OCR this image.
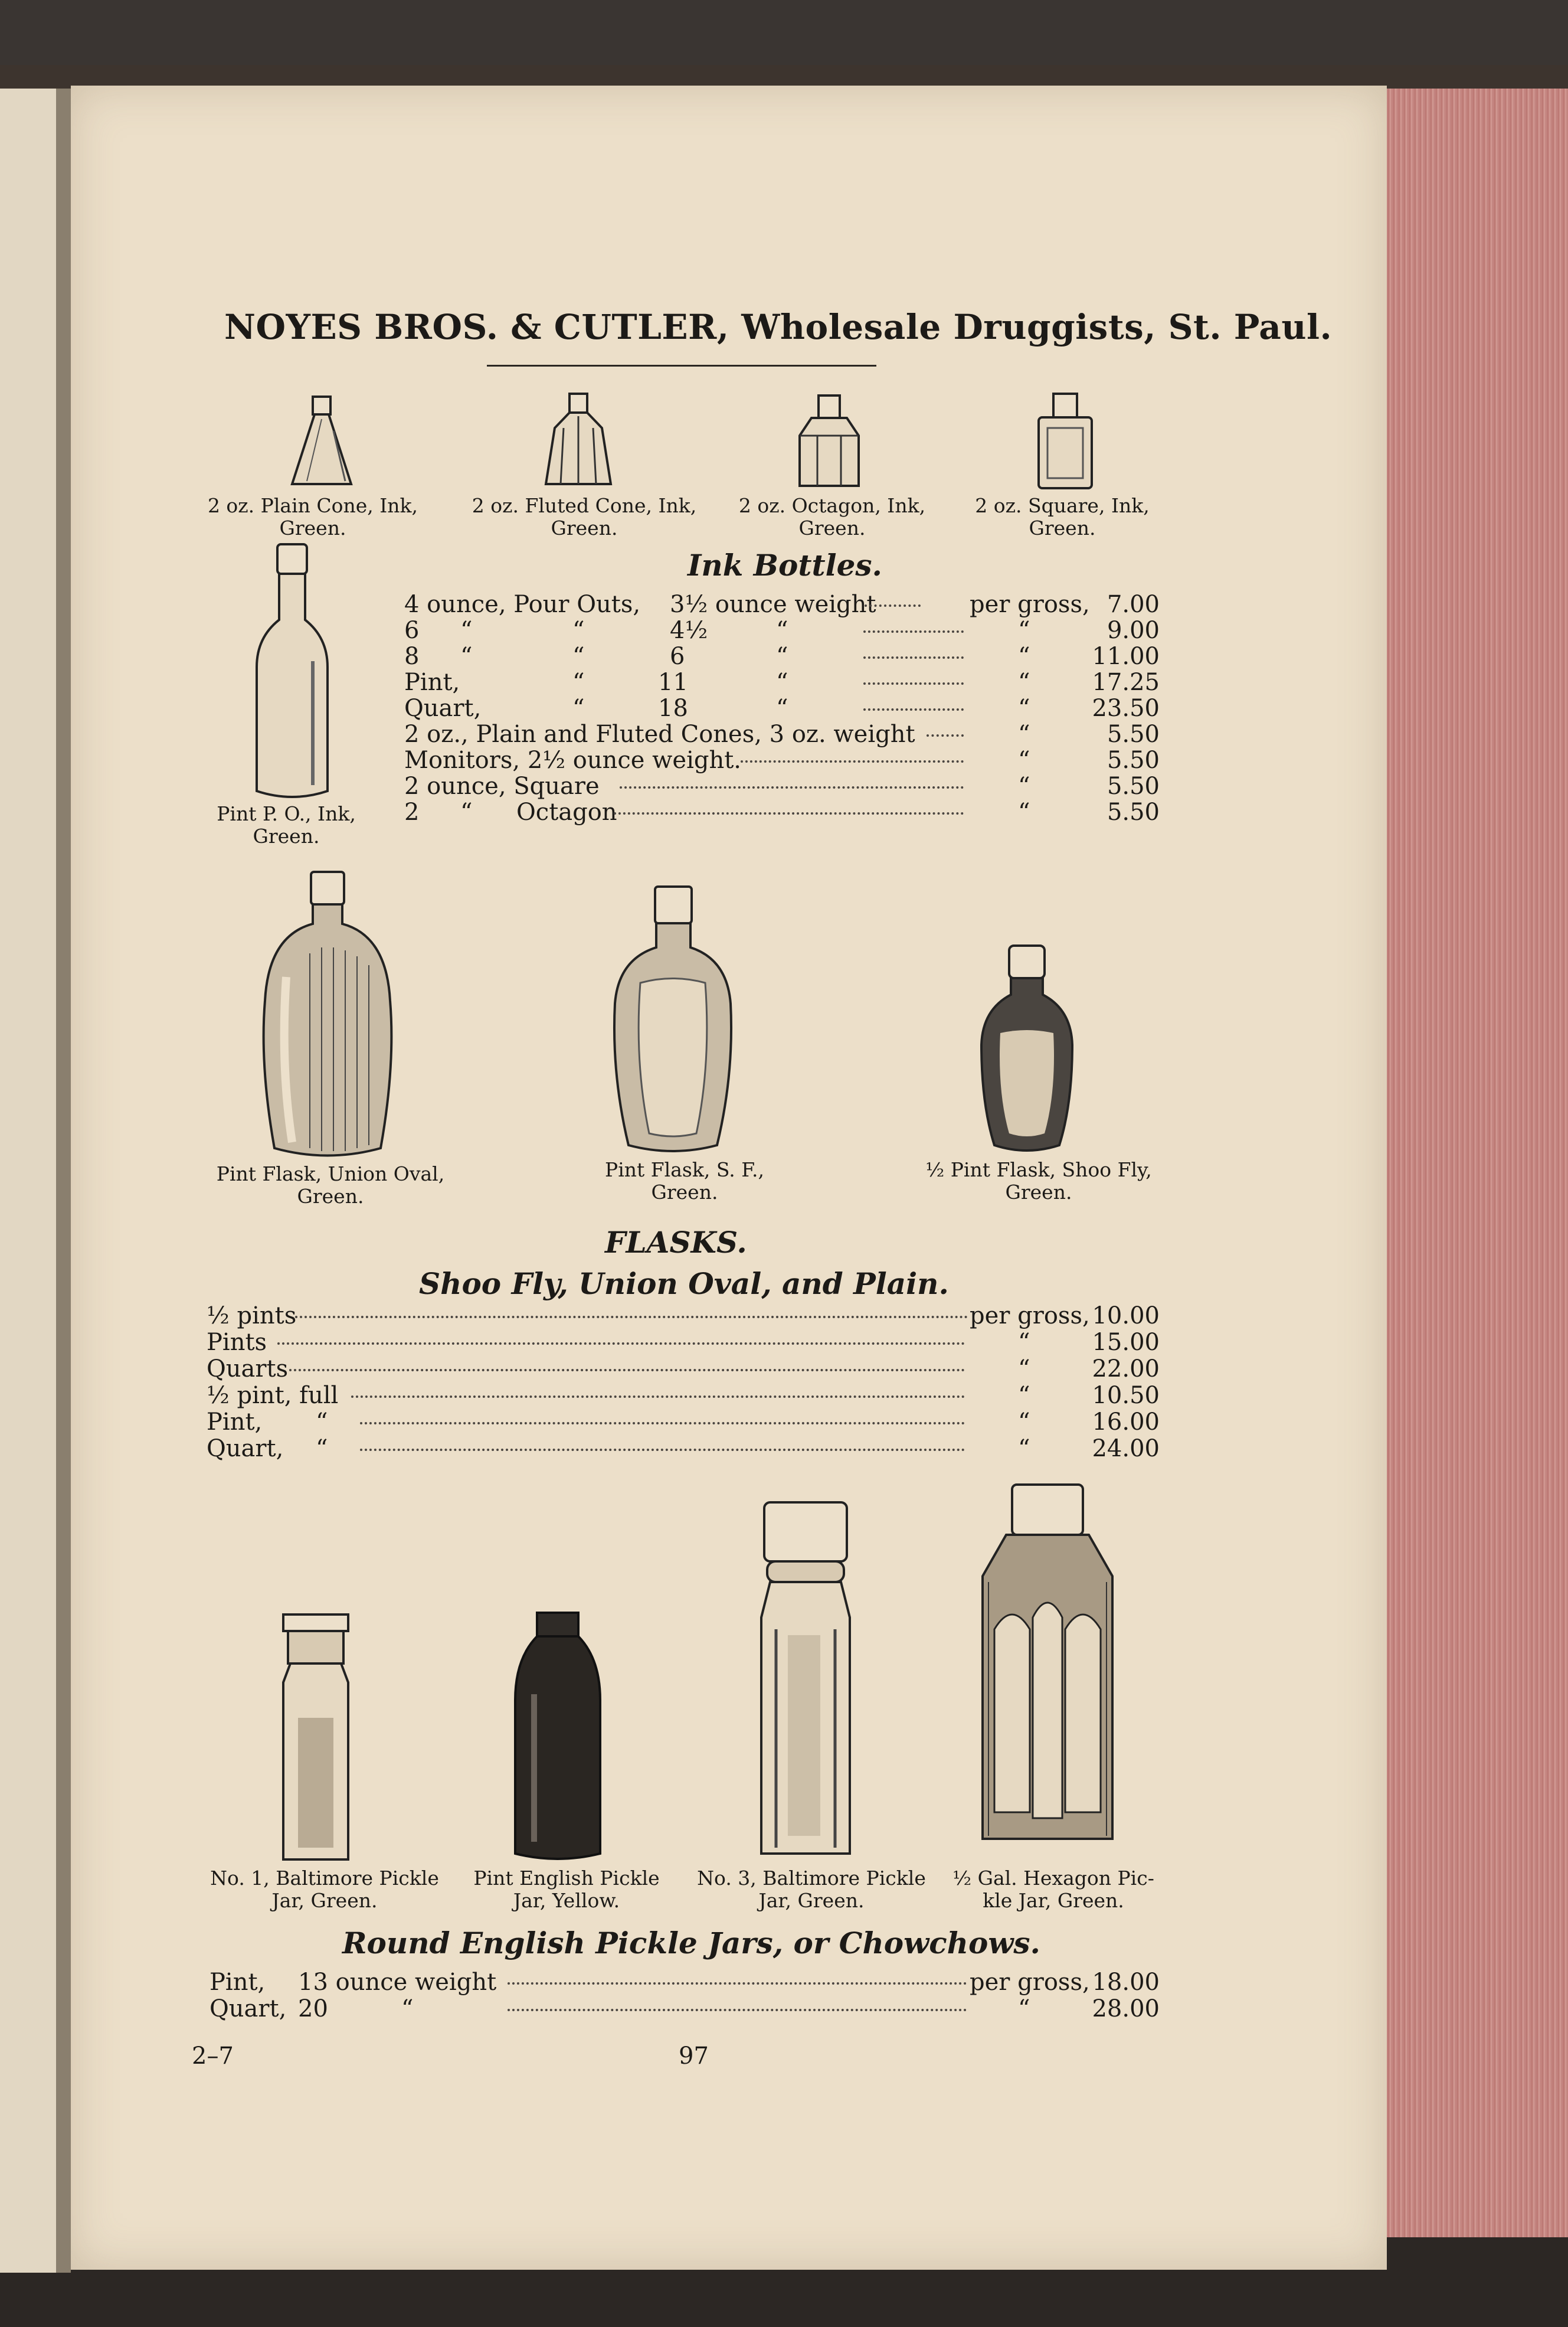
NOYES BROS. & CUTLER, Wholesale Druggists, St. Paul.
2 oz. Plain Cone, Ink,
Green.
2 oz. Fluted Cone, Ink,
Green.
2 oz. Octagon, Ink,
Green.
2 oz. Square, Ink,
Green.
Pint P. O., Ink,
Green.
Ink Bottles.
4 ounce, Pour Outs, 3½ ounce weight	per gross, 7.00
6 “	“	4½	“	“	9.00
8 “	“	6	“	“	11.00
Pint,	“	11	“	“	17.25
Quart,	“	18	“	“	23.50
2 oz., Plain and Fluted Cones, 3 oz. weight	“	5.50
Monitors, 2½ ounce weight.	“	5.50
2 ounce, Square	“	5.50
2 “ Octagon	“	5.50
Pint Flask, Union Oval,
Green.
Pint Flask, S. F.,
Green.
½ Pint Flask, Shoo Fly,
Green.
FLASKS.
Shoo Fly, Union Oval, and Plain.
½ pints	per gross, 10.00
Pints	“	15.00
Quarts	“	22.00
½ pint, full	“	10.50
Pint, “	“	16.00
Quart, “	“	24.00
No. 1, Baltimore Pickle
Jar, Green.
Pint English Pickle
Jar, Yellow.
No. 3, Baltimore Pickle
Jar, Green.
½ Gal. Hexagon Pic-
kle Jar, Green.
Round English Pickle Jars, or Chowchows.
Pint, 13 ounce weight	per gross, 18.00
Quart, 20	“	“	28.00
2–7	97
